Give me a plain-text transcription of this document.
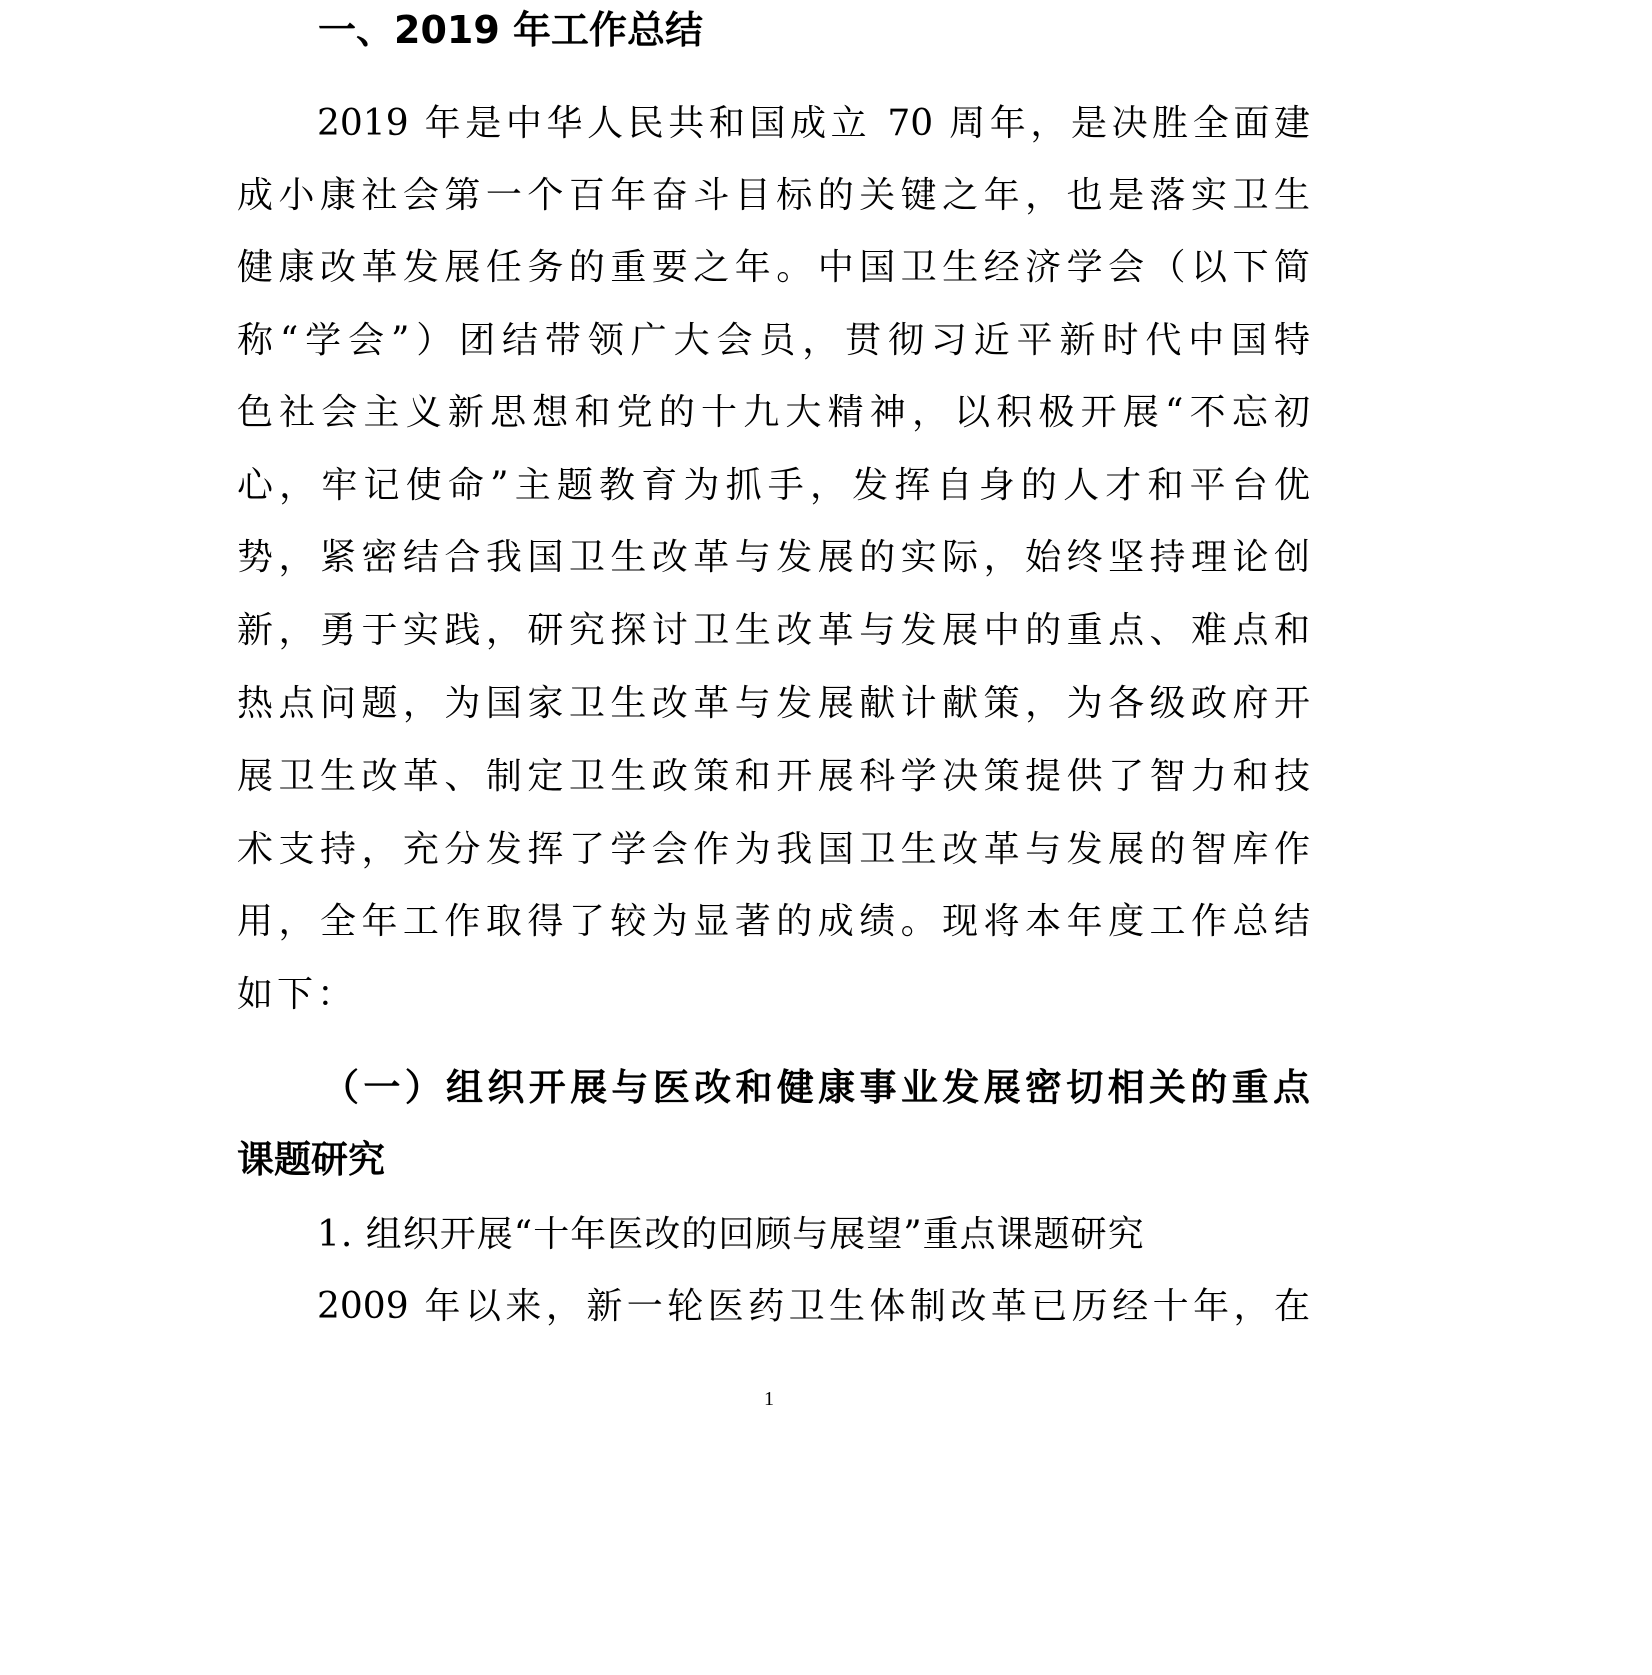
一、2019 年工作总结
2019 年是中华人民共和国成立 70 周年，是决胜全面建
成小康社会第一个百年奋斗目标的关键之年，也是落实卫生
健康改革发展任务的重要之年。中国卫生经济学会（以下简
称“学会”）团结带领广大会员，贯彻习近平新时代中国特
色社会主义新思想和党的十九大精神，以积极开展“不忘初
心，牢记使命”主题教育为抓手，发挥自身的人才和平台优
势，紧密结合我国卫生改革与发展的实际，始终坚持理论创
新，勇于实践，研究探讨卫生改革与发展中的重点、难点和
热点问题，为国家卫生改革与发展献计献策，为各级政府开
展卫生改革、制定卫生政策和开展科学决策提供了智力和技
术支持，充分发挥了学会作为我国卫生改革与发展的智库作
用，全年工作取得了较为显著的成绩。现将本年度工作总结
如下：
（一）组织开展与医改和健康事业发展密切相关的重点
课题研究
1. 组织开展“十年医改的回顾与展望”重点课题研究
2009 年以来，新一轮医药卫生体制改革已历经十年，在
1
